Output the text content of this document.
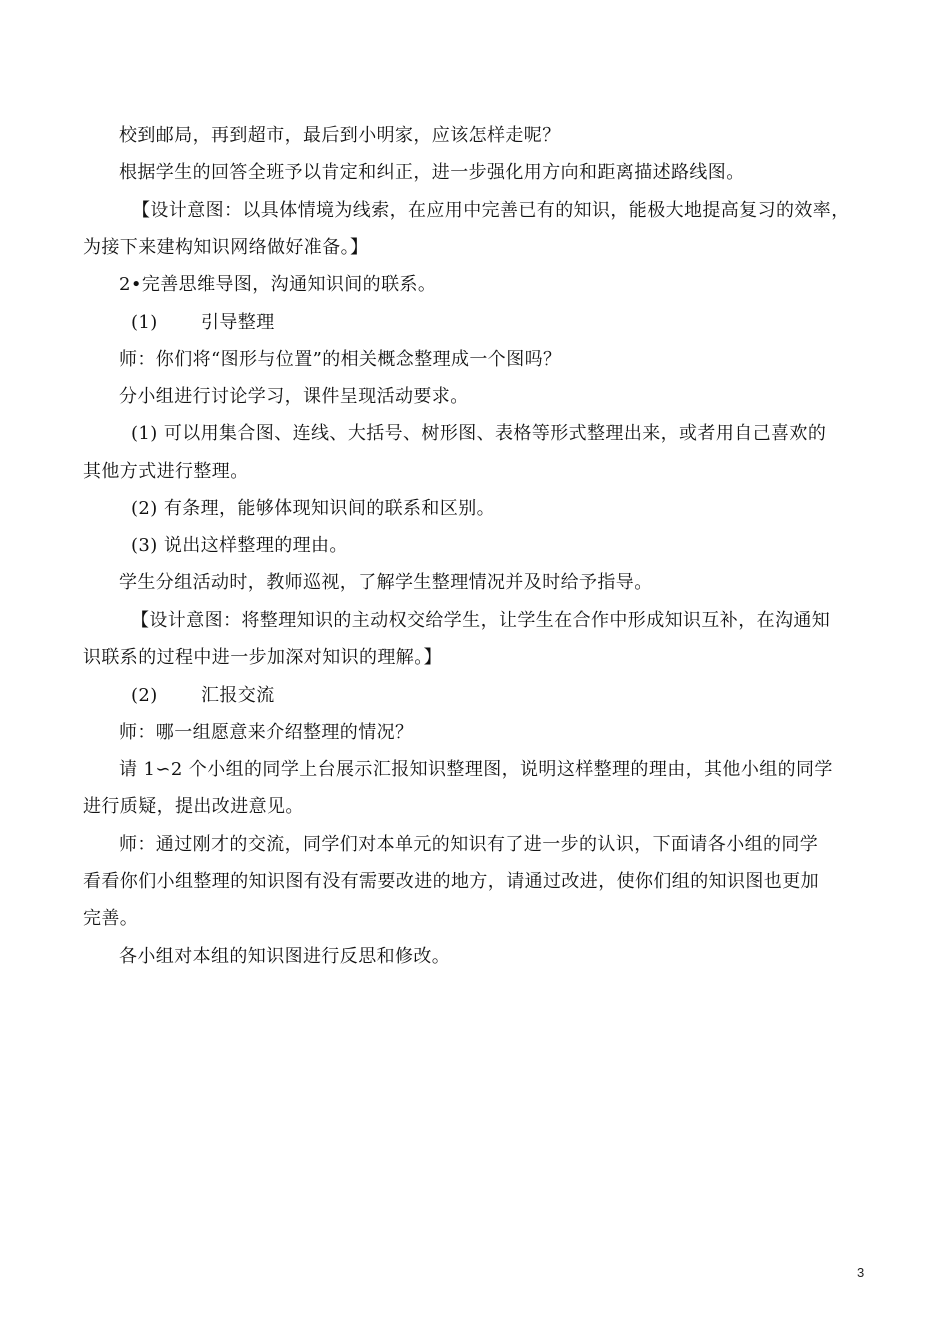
校到邮局，再到超市，最后到小明家，应该怎样走呢？
根据学生的回答全班予以肯定和纠正，进一步强化用方向和距离描述路线图。
【设计意图：以具体情境为线索，在应用中完善已有的知识，能极大地提高复习的效率，
为接下来建构知识网络做好准备。】
2•完善思维导图，沟通知识间的联系。
(1) 引导整理
师：你们将“图形与位置”的相关概念整理成一个图吗？
分小组进行讨论学习，课件呈现活动要求。
(1) 可以用集合图、连线、大括号、树形图、表格等形式整理出来，或者用自己喜欢的
其他方式进行整理。
(2) 有条理，能够体现知识间的联系和区别。
(3) 说出这样整理的理由。
学生分组活动时，教师巡视，了解学生整理情况并及时给予指导。
【设计意图：将整理知识的主动权交给学生，让学生在合作中形成知识互补，在沟通知
识联系的过程中进一步加深对知识的理解。】
(2) 汇报交流
师：哪一组愿意来介绍整理的情况？
请 1∽2 个小组的同学上台展示汇报知识整理图，说明这样整理的理由，其他小组的同学
进行质疑，提出改进意见。
师：通过刚才的交流，同学们对本单元的知识有了进一步的认识，下面请各小组的同学
看看你们小组整理的知识图有没有需要改进的地方，请通过改进，使你们组的知识图也更加
完善。
各小组对本组的知识图进行反思和修改。
3
